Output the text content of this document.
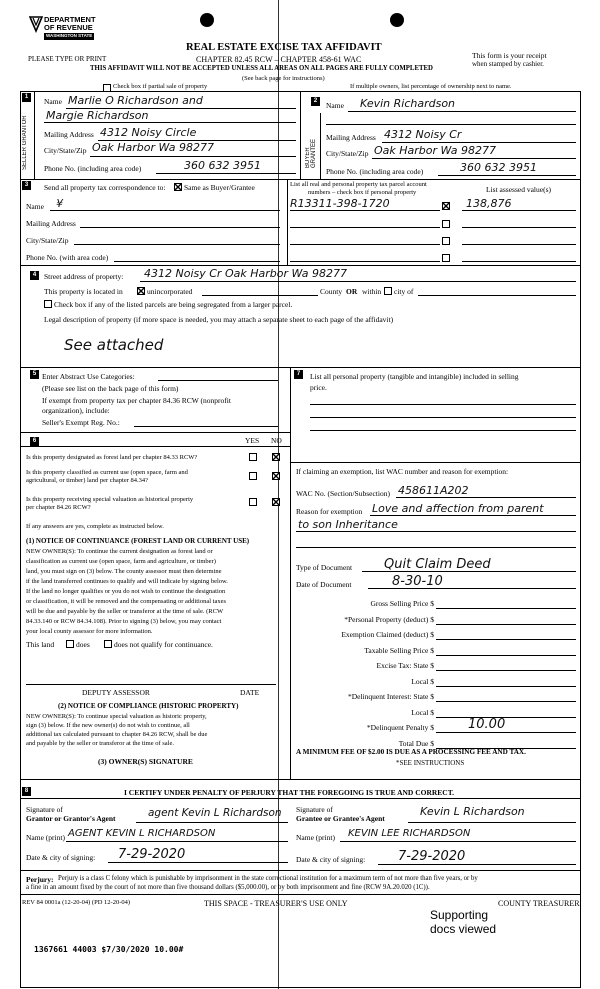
DEPARTMENT
OF REVENUE
WASHINGTON STATE
PLEASE TYPE OR PRINT
REAL ESTATE EXCISE TAX AFFIDAVIT
CHAPTER 82.45 RCW – CHAPTER 458-61 WAC
THIS AFFIDAVIT WILL NOT BE ACCEPTED UNLESS ALL AREAS ON ALL PAGES ARE FULLY COMPLETED
(See back page for instructions)
This form is your receipt
when stamped by cashier.
Check box if partial sale of property	If multiple owners, list percentage of ownership next to name.
1
SELLER GRANTOR
Name Marlie O Richardson and
Margie Richardson
Mailing Address 4312 Noisy Circle
City/State/Zip Oak Harbor Wa 98277
Phone No. (including area code)	360 632 3951
2
BUYER GRANTEE
Name Kevin Richardson
Mailing Address 4312 Noisy Cr
City/State/Zip Oak Harbor Wa 98277
Phone No. (including area code)	360 632 3951
3	Send all property tax correspondence to: Same as Buyer/Grantee
Name ¥
Mailing Address
City/State/Zip
Phone No. (with area code)
List all real and personal property tax parcel account
numbers – check box if personal property	List assessed value(s)
R13311-398-1720	138,876
4	Street address of property: 4312 Noisy Cr Oak Harbor Wa 98277
This property is located in	unincorporated	County OR within city of
Check box if any of the listed parcels are being segregated from a larger parcel.
Legal description of property (if more space is needed, you may attach a separate sheet to each page of the affidavit)
See attached
5 Enter Abstract Use Categories:
(Please see list on the back page of this form)
If exempt from property tax per chapter 84.36 RCW (nonprofit
organization), include:
Seller's Exempt Reg. No.:
7	List all personal property (tangible and intangible) included in selling
price.
6	YES NO
Is this property designated as forest land per chapter 84.33 RCW?
Is this property classified as current use (open space, farm and
agricultural, or timber) land per chapter 84.34?
Is this property receiving special valuation as historical property
per chapter 84.26 RCW?
If any answers are yes, complete as instructed below.
(1) NOTICE OF CONTINUANCE (FOREST LAND OR CURRENT USE)
NEW OWNER(S): To continue the current designation as forest land or
classification as current use (open space, farm and agriculture, or timber)
land, you must sign on (3) below. The county assessor must then determine
if the land transferred continues to qualify and will indicate by signing below.
If the land no longer qualifies or you do not wish to continue the designation
or classification, it will be removed and the compensating or additional taxes
will be due and payable by the seller or transferor at the time of sale. (RCW
84.33.140 or RCW 84.34.108). Prior to signing (3) below, you may contact
your local county assessor for more information.
This land	does	does not qualify for continuance.
DEPUTY ASSESSOR	DATE
(2) NOTICE OF COMPLIANCE (HISTORIC PROPERTY)
NEW OWNER(S): To continue special valuation as historic property,
sign (3) below. If the new owner(s) do not wish to continue, all
additional tax calculated pursuant to chapter 84.26 RCW, shall be due
and payable by the seller or transferor at the time of sale.
(3) OWNER(S) SIGNATURE
If claiming an exemption, list WAC number and reason for exemption:
WAC No. (Section/Subsection) 458611A202
Reason for exemption Love and affection from parent
to son Inheritance
Type of Document Quit Claim Deed
Date of Document	8-30-10
Gross Selling Price $
*Personal Property (deduct) $
Exemption Claimed (deduct) $
Taxable Selling Price $
Excise Tax: State $
Local $
*Delinquent Interest: State $
Local $
*Delinquent Penalty $	10.00
Total Due $
A MINIMUM FEE OF $2.00 IS DUE AS A PROCESSING FEE AND TAX.
*SEE INSTRUCTIONS
8	I CERTIFY UNDER PENALTY OF PERJURY THAT THE FOREGOING IS TRUE AND CORRECT.
Signature of
Grantor or Grantor's Agent	agent Kevin L Richardson
Name (print) AGENT KEVIN L RICHARDSON
Date & city of signing: 7-29-2020
Signature of
Grantee or Grantee's Agent
Kevin L Richardson
Name (print) KEVIN LEE RICHARDSON
Date & city of signing:	7-29-2020
Perjury: Perjury is a class C felony which is punishable by imprisonment in the state correctional institution for a maximum term of not more than five years, or by
a fine in an amount fixed by the court of not more than five thousand dollars ($5,000.00), or by both imprisonment and fine (RCW 9A.20.020 (1C)).
REV 84 0001a (12-20-04) (PD 12-20-04)	THIS SPACE - TREASURER'S USE ONLY	COUNTY TREASURER
Supporting
docs viewed
1367661 44003 $7/30/2020 10.00#
